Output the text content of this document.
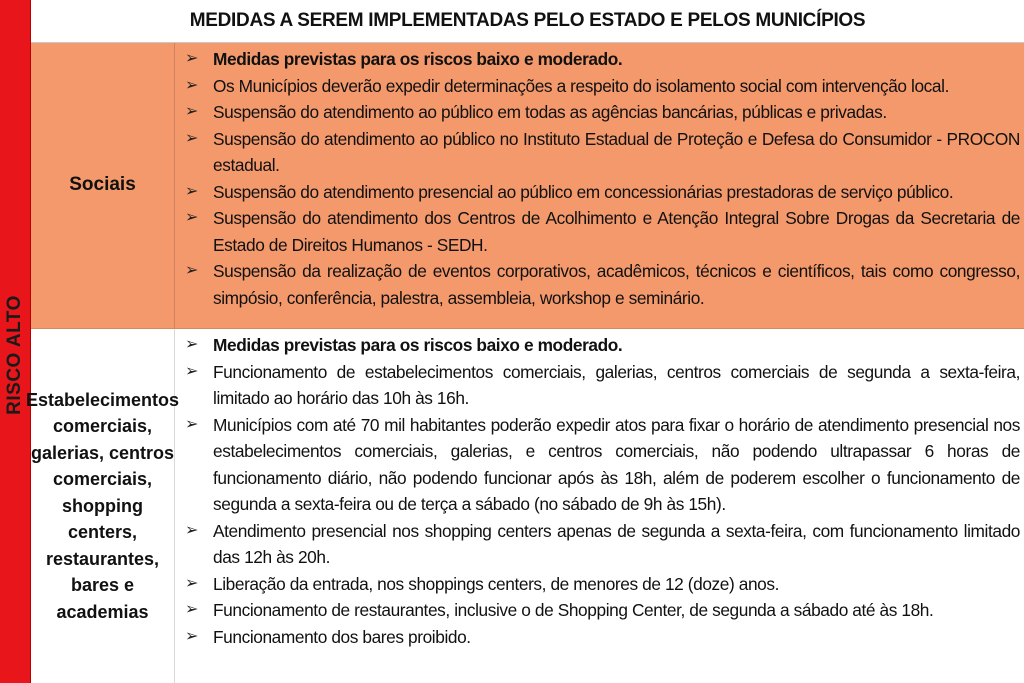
RISCO ALTO
MEDIDAS A SEREM IMPLEMENTADAS PELO ESTADO E PELOS MUNICÍPIOS
Sociais
➢ Medidas previstas para os riscos baixo e moderado.
➢ Os Municípios deverão expedir determinações a respeito do isolamento social com intervenção local.
➢ Suspensão do atendimento ao público em todas as agências bancárias, públicas e privadas.
➢ Suspensão do atendimento ao público no Instituto Estadual de Proteção e Defesa do Consumidor - PROCON estadual.
➢ Suspensão do atendimento presencial ao público em concessionárias prestadoras de serviço público.
➢ Suspensão do atendimento dos Centros de Acolhimento e Atenção Integral Sobre Drogas da Secretaria de Estado de Direitos Humanos - SEDH.
➢ Suspensão da realização de eventos corporativos, acadêmicos, técnicos e científicos, tais como congresso, simpósio, conferência, palestra, assembleia, workshop e seminário.
Estabelecimentos
comerciais,
galerias, centros
comerciais,
shopping centers,
restaurantes,
bares e
academias
➢ Medidas previstas para os riscos baixo e moderado.
➢ Funcionamento de estabelecimentos comerciais, galerias, centros comerciais de segunda a sexta-feira, limitado ao horário das 10h às 16h.
➢ Municípios com até 70 mil habitantes poderão expedir atos para fixar o horário de atendimento presencial nos estabelecimentos comerciais, galerias, e centros comerciais, não podendo ultrapassar 6 horas de funcionamento diário, não podendo funcionar após às 18h, além de poderem escolher o funcionamento de segunda a sexta-feira ou de terça a sábado (no sábado de 9h às 15h).
➢ Atendimento presencial nos shopping centers apenas de segunda a sexta-feira, com funcionamento limitado das 12h às 20h.
➢ Liberação da entrada, nos shoppings centers, de menores de 12 (doze) anos.
➢ Funcionamento de restaurantes, inclusive o de Shopping Center, de segunda a sábado até às 18h.
➢ Funcionamento dos bares proibido.
